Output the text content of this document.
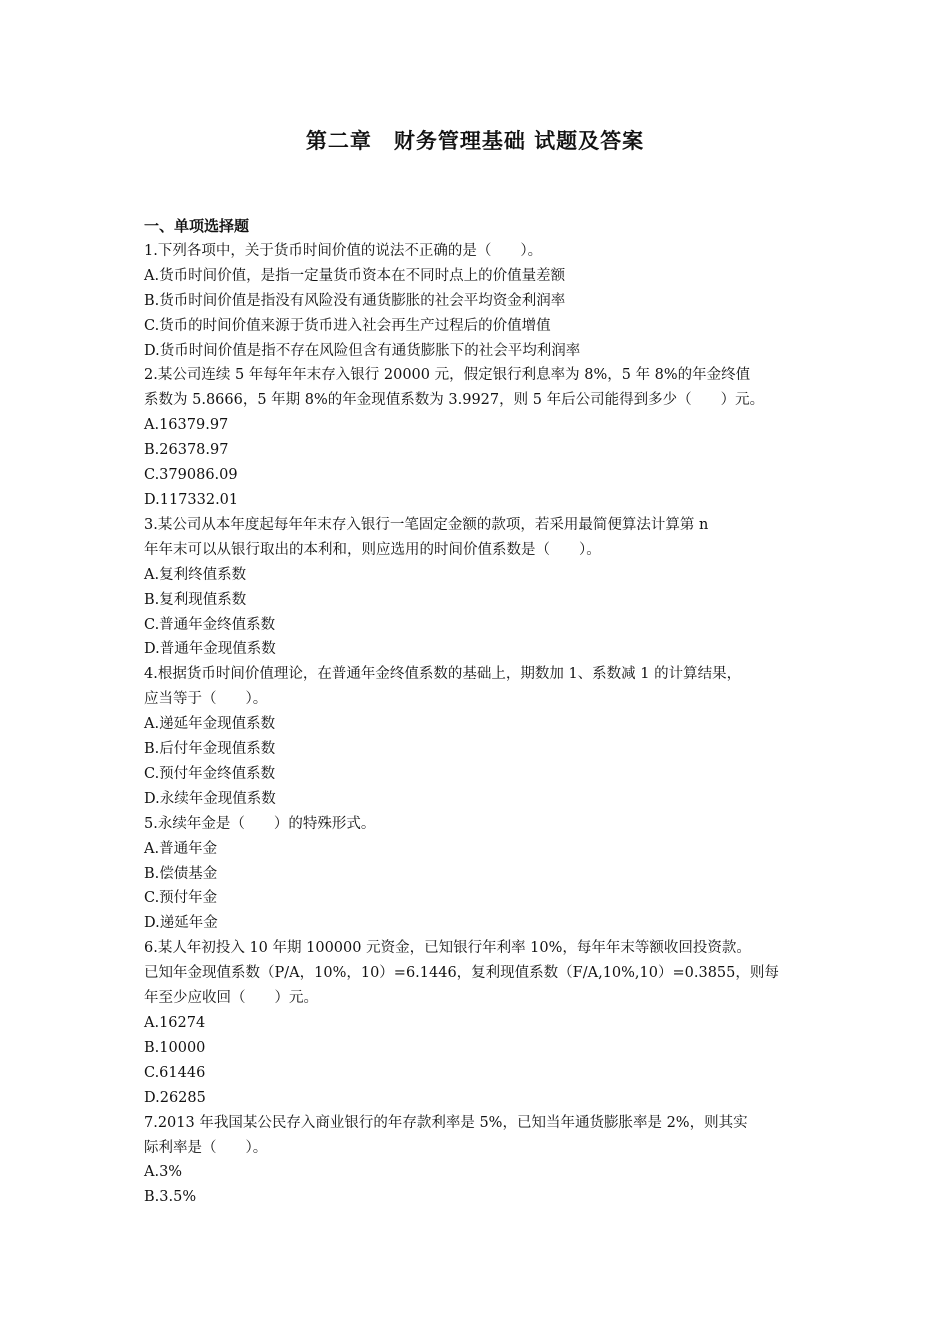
第二章　财务管理基础 试题及答案
一、单项选择题
1.下列各项中，关于货币时间价值的说法不正确的是（　　）。
A.货币时间价值，是指一定量货币资本在不同时点上的价值量差额
B.货币时间价值是指没有风险没有通货膨胀的社会平均资金利润率
C.货币的时间价值来源于货币进入社会再生产过程后的价值增值
D.货币时间价值是指不存在风险但含有通货膨胀下的社会平均利润率
2.某公司连续 5 年每年年末存入银行 20000 元，假定银行利息率为 8%，5 年 8%的年金终值
系数为 5.8666，5 年期 8%的年金现值系数为 3.9927，则 5 年后公司能得到多少（　　）元。
A.16379.97
B.26378.97
C.379086.09
D.117332.01
3.某公司从本年度起每年年末存入银行一笔固定金额的款项，若采用最简便算法计算第 n
年年末可以从银行取出的本利和，则应选用的时间价值系数是（　　）。
A.复利终值系数
B.复利现值系数
C.普通年金终值系数
D.普通年金现值系数
4.根据货币时间价值理论，在普通年金终值系数的基础上，期数加 1、系数减 1 的计算结果，
应当等于（　　）。
A.递延年金现值系数
B.后付年金现值系数
C.预付年金终值系数
D.永续年金现值系数
5.永续年金是（　　）的特殊形式。
A.普通年金
B.偿债基金
C.预付年金
D.递延年金
6.某人年初投入 10 年期 100000 元资金，已知银行年利率 10%，每年年末等额收回投资款。
已知年金现值系数（P/A，10%，10）=6.1446，复利现值系数（F/A,10%,10）=0.3855，则每
年至少应收回（　　）元。
A.16274
B.10000
C.61446
D.26285
7.2013 年我国某公民存入商业银行的年存款利率是 5%，已知当年通货膨胀率是 2%，则其实
际利率是（　　）。
A.3%
B.3.5%
